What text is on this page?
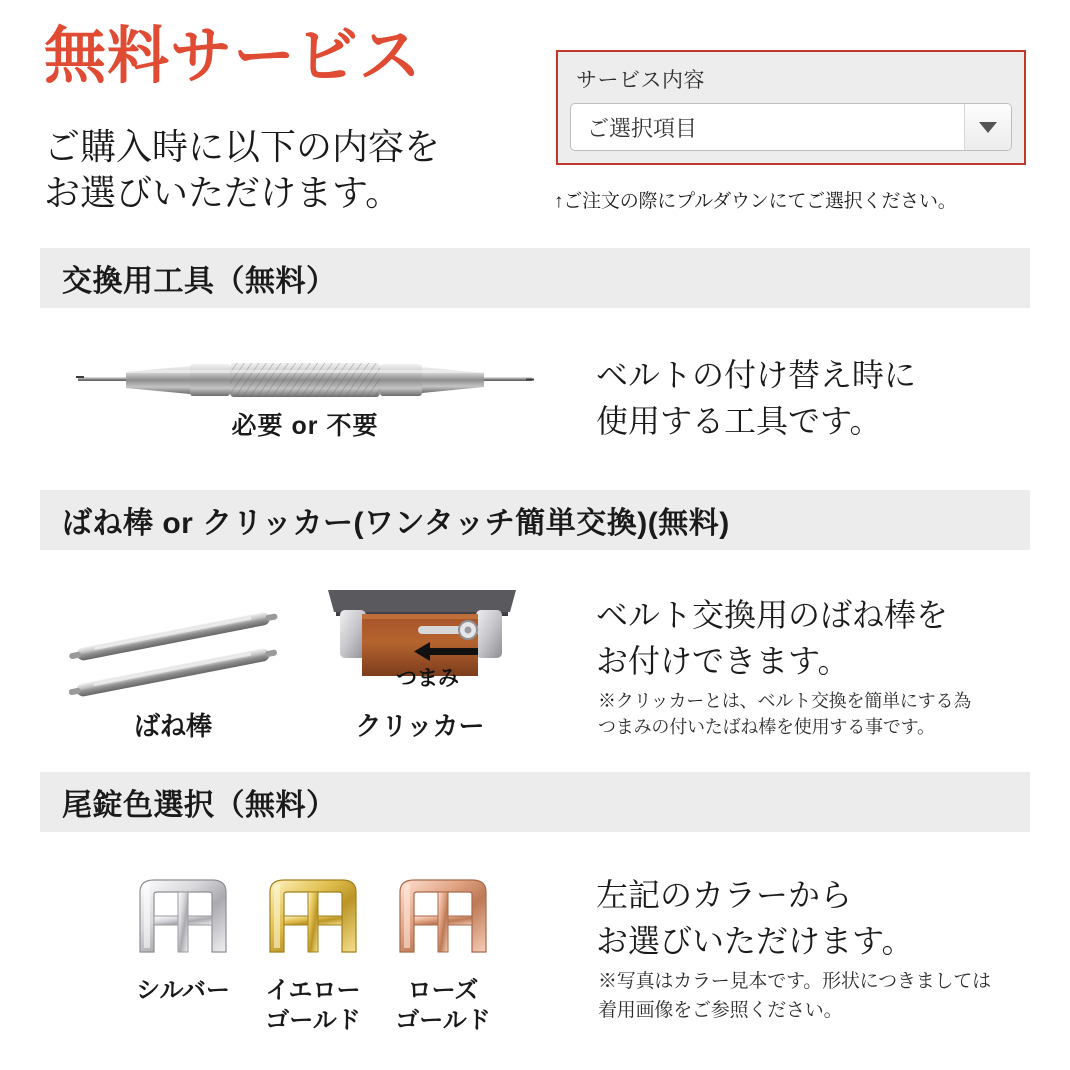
無料サービス
ご購入時に以下の内容を
お選びいただけます。
サービス内容
ご選択項目
↑ご注文の際にプルダウンにてご選択ください。
交換用工具（無料）
必要 or 不要
ベルトの付け替え時に
使用する工具です。
ばね棒 or クリッカー(ワンタッチ簡単交換)(無料)
ばね棒
つまみ
クリッカー
ベルト交換用のばね棒を
お付けできます。
※クリッカーとは、ベルト交換を簡単にする為
つまみの付いたばね棒を使用する事です。
尾錠色選択（無料）
シルバー	イエロー
ゴールド
ローズ
ゴールド
左記のカラーから
お選びいただけます。
※写真はカラー見本です。形状につきましては
着用画像をご参照ください。
